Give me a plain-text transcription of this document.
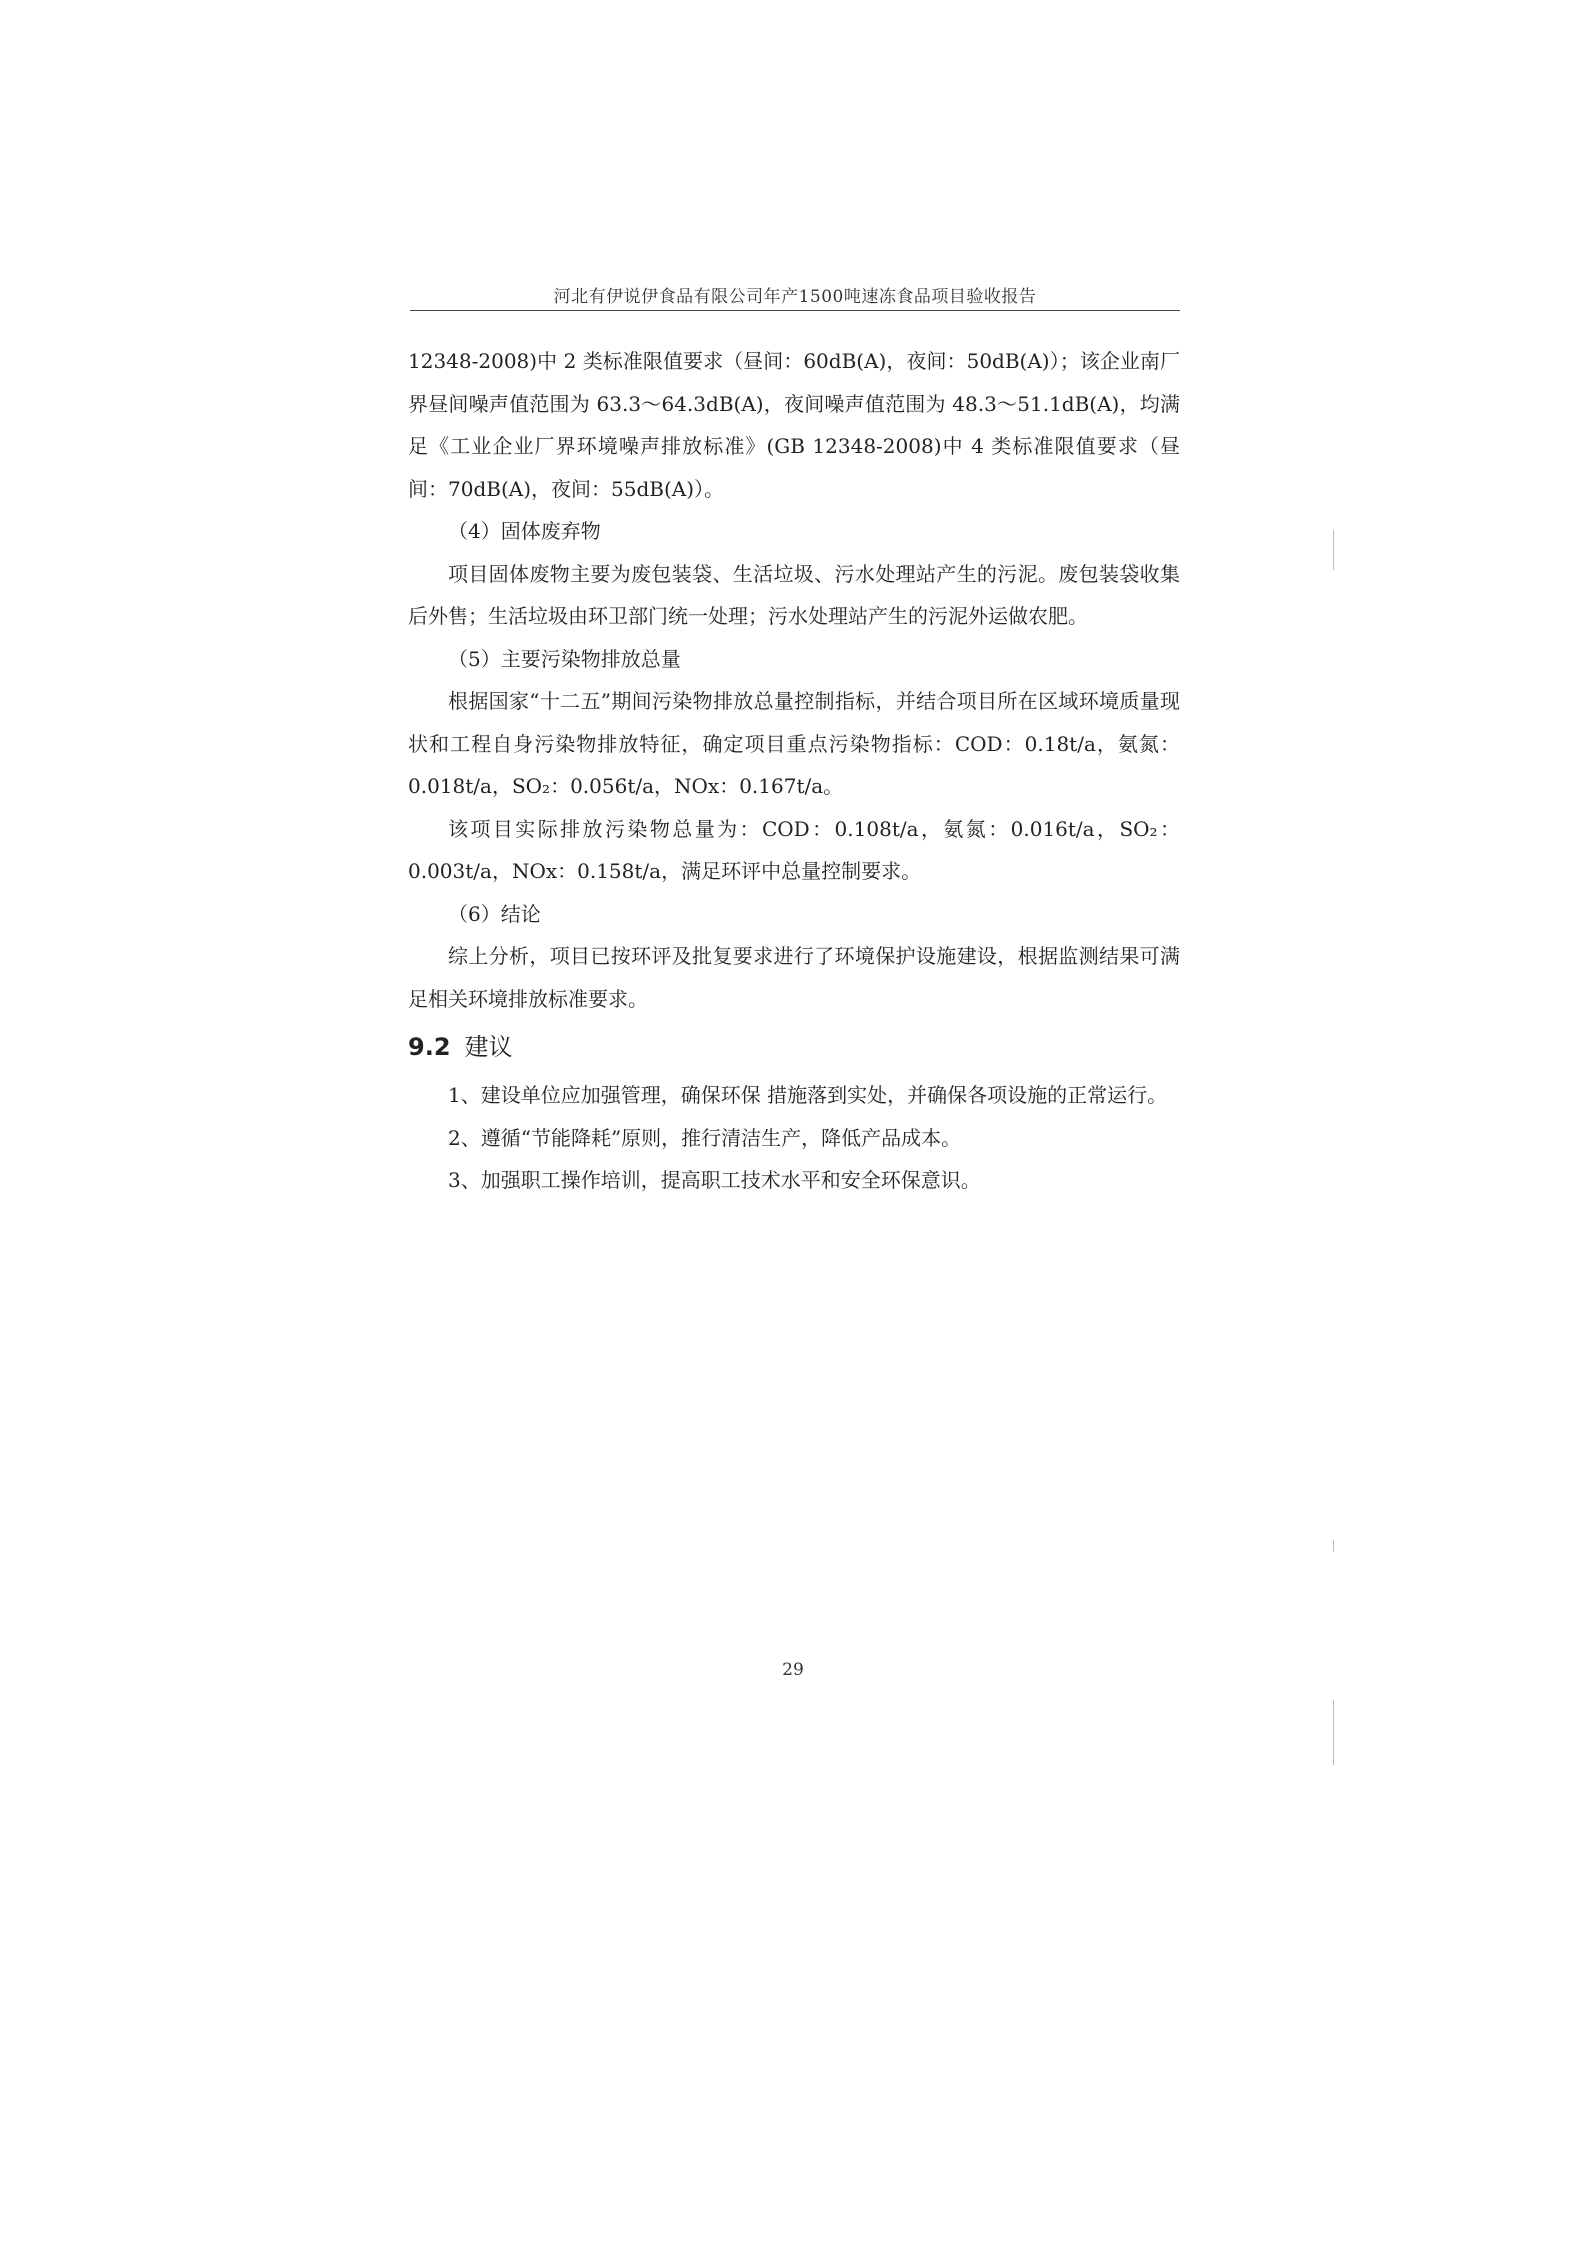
河北有伊说伊食品有限公司年产1500吨速冻食品项目验收报告

12348-2008)中 2 类标准限值要求（昼间：60dB(A)，夜间：50dB(A)）；该企业南厂界昼间噪声值范围为 63.3～64.3dB(A)，夜间噪声值范围为 48.3～51.1dB(A)，均满足《工业企业厂界环境噪声排放标准》(GB 12348-2008)中 4 类标准限值要求（昼间：70dB(A)，夜间：55dB(A)）。

（4）固体废弃物

项目固体废物主要为废包装袋、生活垃圾、污水处理站产生的污泥。废包装袋收集后外售；生活垃圾由环卫部门统一处理；污水处理站产生的污泥外运做农肥。

（5）主要污染物排放总量

根据国家“十二五”期间污染物排放总量控制指标，并结合项目所在区域环境质量现状和工程自身污染物排放特征，确定项目重点污染物指标：COD：0.18t/a，氨氮：0.018t/a，SO₂：0.056t/a，NOx：0.167t/a。

该项目实际排放污染物总量为：COD：0.108t/a，氨氮：0.016t/a，SO₂：0.003t/a，NOx：0.158t/a，满足环评中总量控制要求。

（6）结论

综上分析，项目已按环评及批复要求进行了环境保护设施建设，根据监测结果可满足相关环境排放标准要求。

9.2 建议

1、建设单位应加强管理，确保环保 措施落到实处，并确保各项设施的正常运行。

2、遵循“节能降耗”原则，推行清洁生产，降低产品成本。

3、加强职工操作培训，提高职工技术水平和安全环保意识。

29
